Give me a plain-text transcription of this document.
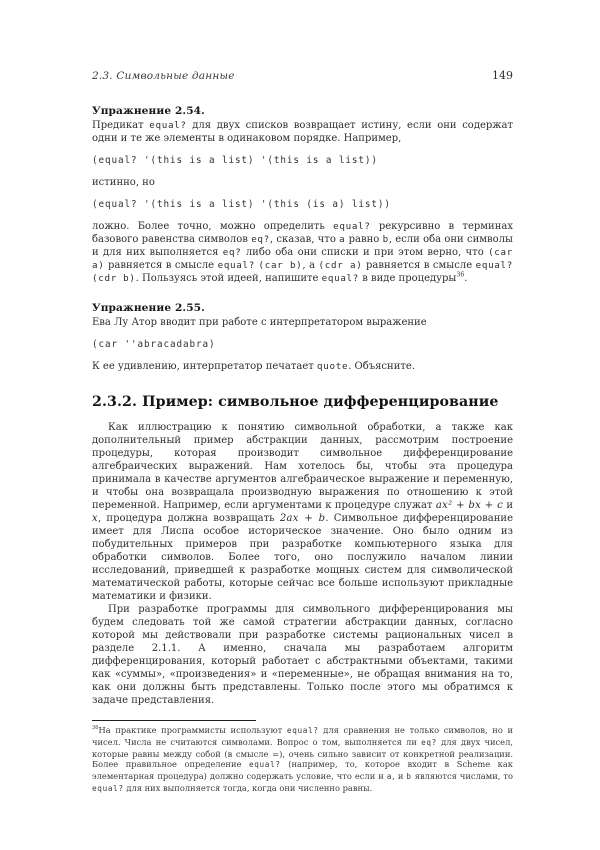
2.3. Символьные данные	149
Упражнение 2.54.

Предикат equal? для двух списков возвращает истину, если они содержат одни и те же элементы в одинаковом порядке. Например,

(equal? '(this is a list) '(this is a list))

истинно, но

(equal? '(this is a list) '(this (is a) list))

ложно. Более точно, можно определить equal? рекурсивно в терминах базового равенства символов eq?, сказав, что a равно b, если оба они символы и для них выполняется eq? либо оба они списки и при этом верно, что (car a) равняется в смысле equal? (car b), а (cdr a) равняется в смысле equal? (cdr b). Пользуясь этой идеей, напишите equal? в виде процедуры$^{36}$.

Упражнение 2.55.

Ева Лу Атор вводит при работе с интерпретатором выражение

(car ''abracadabra)

К ее удивлению, интерпретатор печатает quote. Объясните.

2.3.2. Пример: символьное дифференцирование

Как иллюстрацию к понятию символьной обработки, а также как дополнительный пример абстракции данных, рассмотрим построение процедуры, которая производит символьное дифференцирование алгебраических выражений. Нам хотелось бы, чтобы эта процедура принимала в качестве аргументов алгебраическое выражение и переменную, и чтобы она возвращала производную выражения по отношению к этой переменной. Например, если аргументами к процедуре служат ax² + bx + c и x, процедура должна возвращать 2ax + b. Символьное дифференцирование имеет для Лиспа особое историческое значение. Оно было одним из побудительных примеров при разработке компьютерного языка для обработки символов. Более того, оно послужило началом линии исследований, приведшей к разработке мощных систем для символической математической работы, которые сейчас все больше используют прикладные математики и физики.

При разработке программы для символьного дифференцирования мы будем следовать той же самой стратегии абстракции данных, согласно которой мы действовали при разработке системы рациональных чисел в разделе 2.1.1. А именно, сначала мы разработаем алгоритм дифференцирования, который работает с абстрактными объектами, такими как «суммы», «произведения» и «переменные», не обращая внимания на то, как они должны быть представлены. Только после этого мы обратимся к задаче представления.

$^{36}$На практике программисты используют equal? для сравнения не только символов, но и чисел. Числа не считаются символами. Вопрос о том, выполняется ли eq? для двух чисел, которые равны между собой (в смысле =), очень сильно зависит от конкретной реализации. Более правильное определение equal? (например, то, которое входит в Scheme как элементарная процедура) должно содержать условие, что если и a, и b являются числами, то equal? для них выполняется тогда, когда они численно равны.
